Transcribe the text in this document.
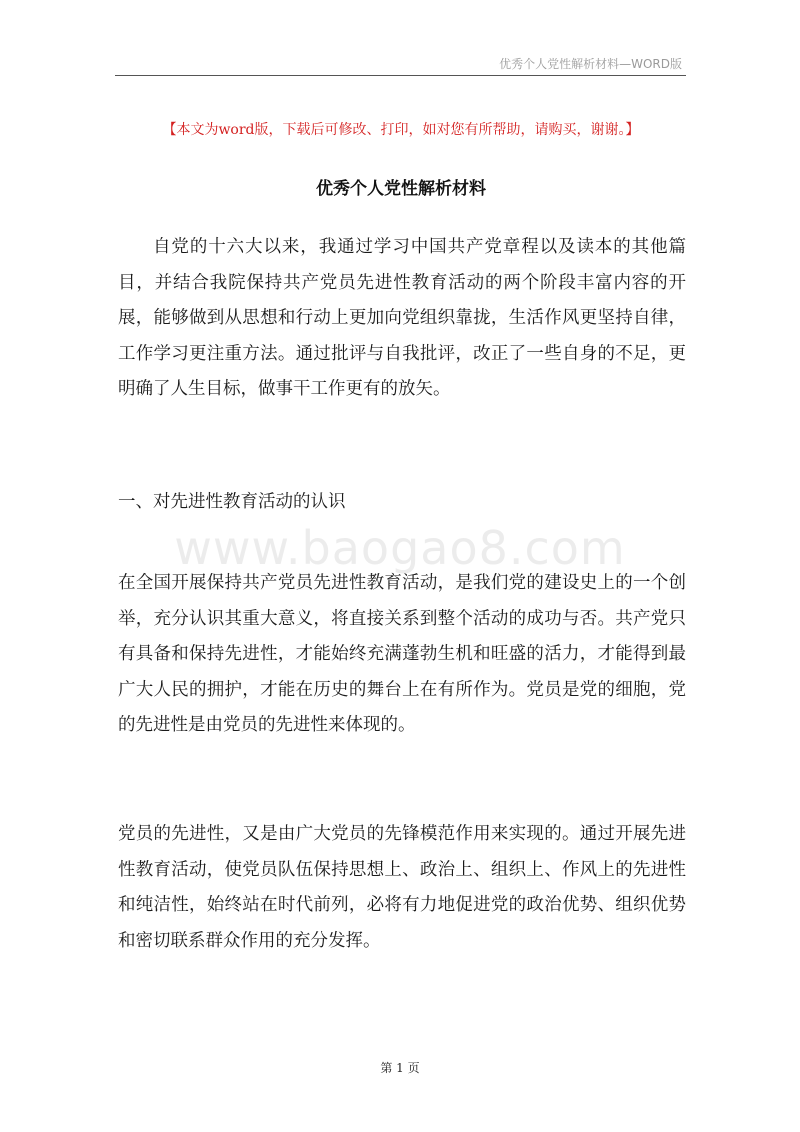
优秀个人党性解析材料—WORD版
【本文为word版，下载后可修改、打印，如对您有所帮助，请购买，谢谢。】
优秀个人党性解析材料

自党的十六大以来，我通过学习中国共产党章程以及读本的其他篇目，并结合我院保持共产党员先进性教育活动的两个阶段丰富内容的开展，能够做到从思想和行动上更加向党组织靠拢，生活作风更坚持自律，工作学习更注重方法。通过批评与自我批评，改正了一些自身的不足，更明确了人生目标，做事干工作更有的放矢。

一、对先进性教育活动的认识

www.baogao8.com

在全国开展保持共产党员先进性教育活动，是我们党的建设史上的一个创举，充分认识其重大意义，将直接关系到整个活动的成功与否。共产党只有具备和保持先进性，才能始终充满蓬勃生机和旺盛的活力，才能得到最广大人民的拥护，才能在历史的舞台上在有所作为。党员是党的细胞，党的先进性是由党员的先进性来体现的。

党员的先进性，又是由广大党员的先锋模范作用来实现的。通过开展先进性教育活动，使党员队伍保持思想上、政治上、组织上、作风上的先进性和纯洁性，始终站在时代前列，必将有力地促进党的政治优势、组织优势和密切联系群众作用的充分发挥。

第 1 页
